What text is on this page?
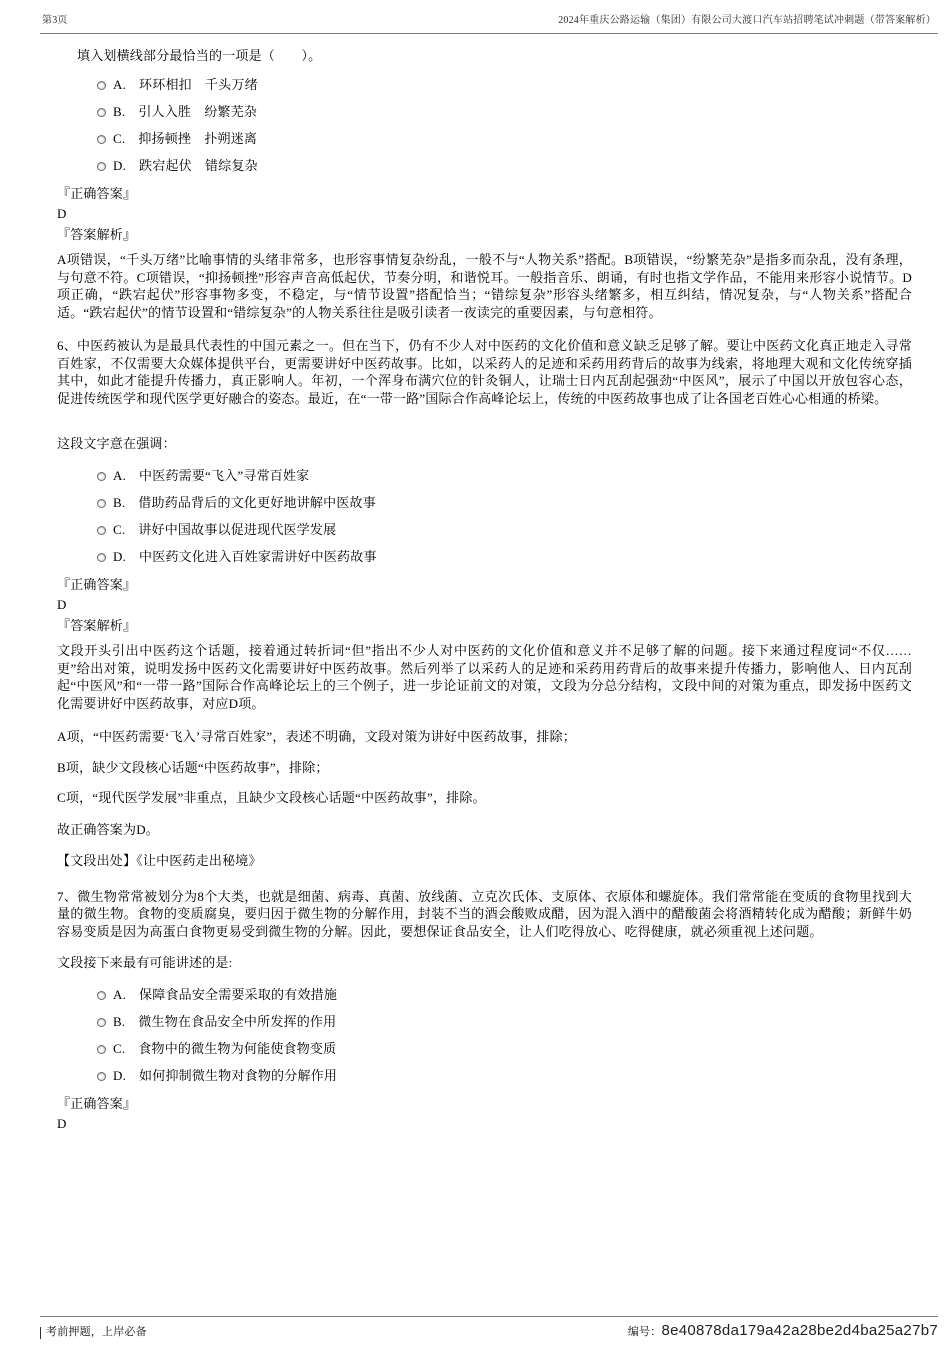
第3页	2024年重庆公路运输（集团）有限公司大渡口汽车站招聘笔试冲刺题（带答案解析）
填入划横线部分最恰当的一项是（　　）。
A. 环环相扣　千头万绪
B. 引人入胜　纷繁芜杂
C. 抑扬顿挫　扑朔迷离
D. 跌宕起伏　错综复杂
『正确答案』
D
『答案解析』
A项错误，“千头万绪”比喻事情的头绪非常多，也形容事情复杂纷乱，一般不与“人物关系”搭配。B项错误，“纷繁芜杂”是指多而杂乱，没有条理，与句意不符。C项错误，“抑扬顿挫”形容声音高低起伏，节奏分明，和谐悦耳。一般指音乐、朗诵，有时也指文学作品，不能用来形容小说情节。D项正确，“跌宕起伏”形容事物多变，不稳定，与“情节设置”搭配恰当；“错综复杂”形容头绪繁多，相互纠结，情况复杂，与“人物关系”搭配合适。“跌宕起伏”的情节设置和“错综复杂”的人物关系往往是吸引读者一夜读完的重要因素，与句意相符。
6、中医药被认为是最具代表性的中国元素之一。但在当下，仍有不少人对中医药的文化价值和意义缺乏足够了解。要让中医药文化真正地走入寻常百姓家，不仅需要大众媒体提供平台，更需要讲好中医药故事。比如，以采药人的足迹和采药用药背后的故事为线索，将地理大观和文化传统穿插其中，如此才能提升传播力，真正影响人。年初，一个浑身布满穴位的针灸铜人，让瑞士日内瓦刮起强劲“中医风”，展示了中国以开放包容心态，促进传统医学和现代医学更好融合的姿态。最近，在“一带一路”国际合作高峰论坛上，传统的中医药故事也成了让各国老百姓心心相通的桥梁。
这段文字意在强调：
A. 中医药需要“飞入”寻常百姓家
B. 借助药品背后的文化更好地讲解中医故事
C. 讲好中国故事以促进现代医学发展
D. 中医药文化进入百姓家需讲好中医药故事
『正确答案』
D
『答案解析』
文段开头引出中医药这个话题，接着通过转折词“但”指出不少人对中医药的文化价值和意义并不足够了解的问题。接下来通过程度词“不仅……更”给出对策，说明发扬中医药文化需要讲好中医药故事。然后列举了以采药人的足迹和采药用药背后的故事来提升传播力，影响他人、日内瓦刮起“中医风”和“一带一路”国际合作高峰论坛上的三个例子，进一步论证前文的对策，文段为分总分结构，文段中间的对策为重点，即发扬中医药文化需要讲好中医药故事，对应D项。
A项，“中医药需要‘飞入’寻常百姓家”，表述不明确，文段对策为讲好中医药故事，排除；
B项，缺少文段核心话题“中医药故事”，排除；
C项，“现代医学发展”非重点，且缺少文段核心话题“中医药故事”，排除。
故正确答案为D。
【文段出处】《让中医药走出秘境》
7、微生物常常被划分为8个大类，也就是细菌、病毒、真菌、放线菌、立克次氏体、支原体、衣原体和螺旋体。我们常常能在变质的食物里找到大量的微生物。食物的变质腐臭，要归因于微生物的分解作用，封装不当的酒会酸败成醋，因为混入酒中的醋酸菌会将酒精转化成为醋酸；新鲜牛奶容易变质是因为高蛋白食物更易受到微生物的分解。因此，要想保证食品安全，让人们吃得放心、吃得健康，就必须重视上述问题。
文段接下来最有可能讲述的是:
A. 保障食品安全需要采取的有效措施
B. 微生物在食品安全中所发挥的作用
C. 食物中的微生物为何能使食物变质
D. 如何抑制微生物对食物的分解作用
『正确答案』
D
考前押题，上岸必备	编号： 8e40878da179a42a28be2d4ba25a27b7
